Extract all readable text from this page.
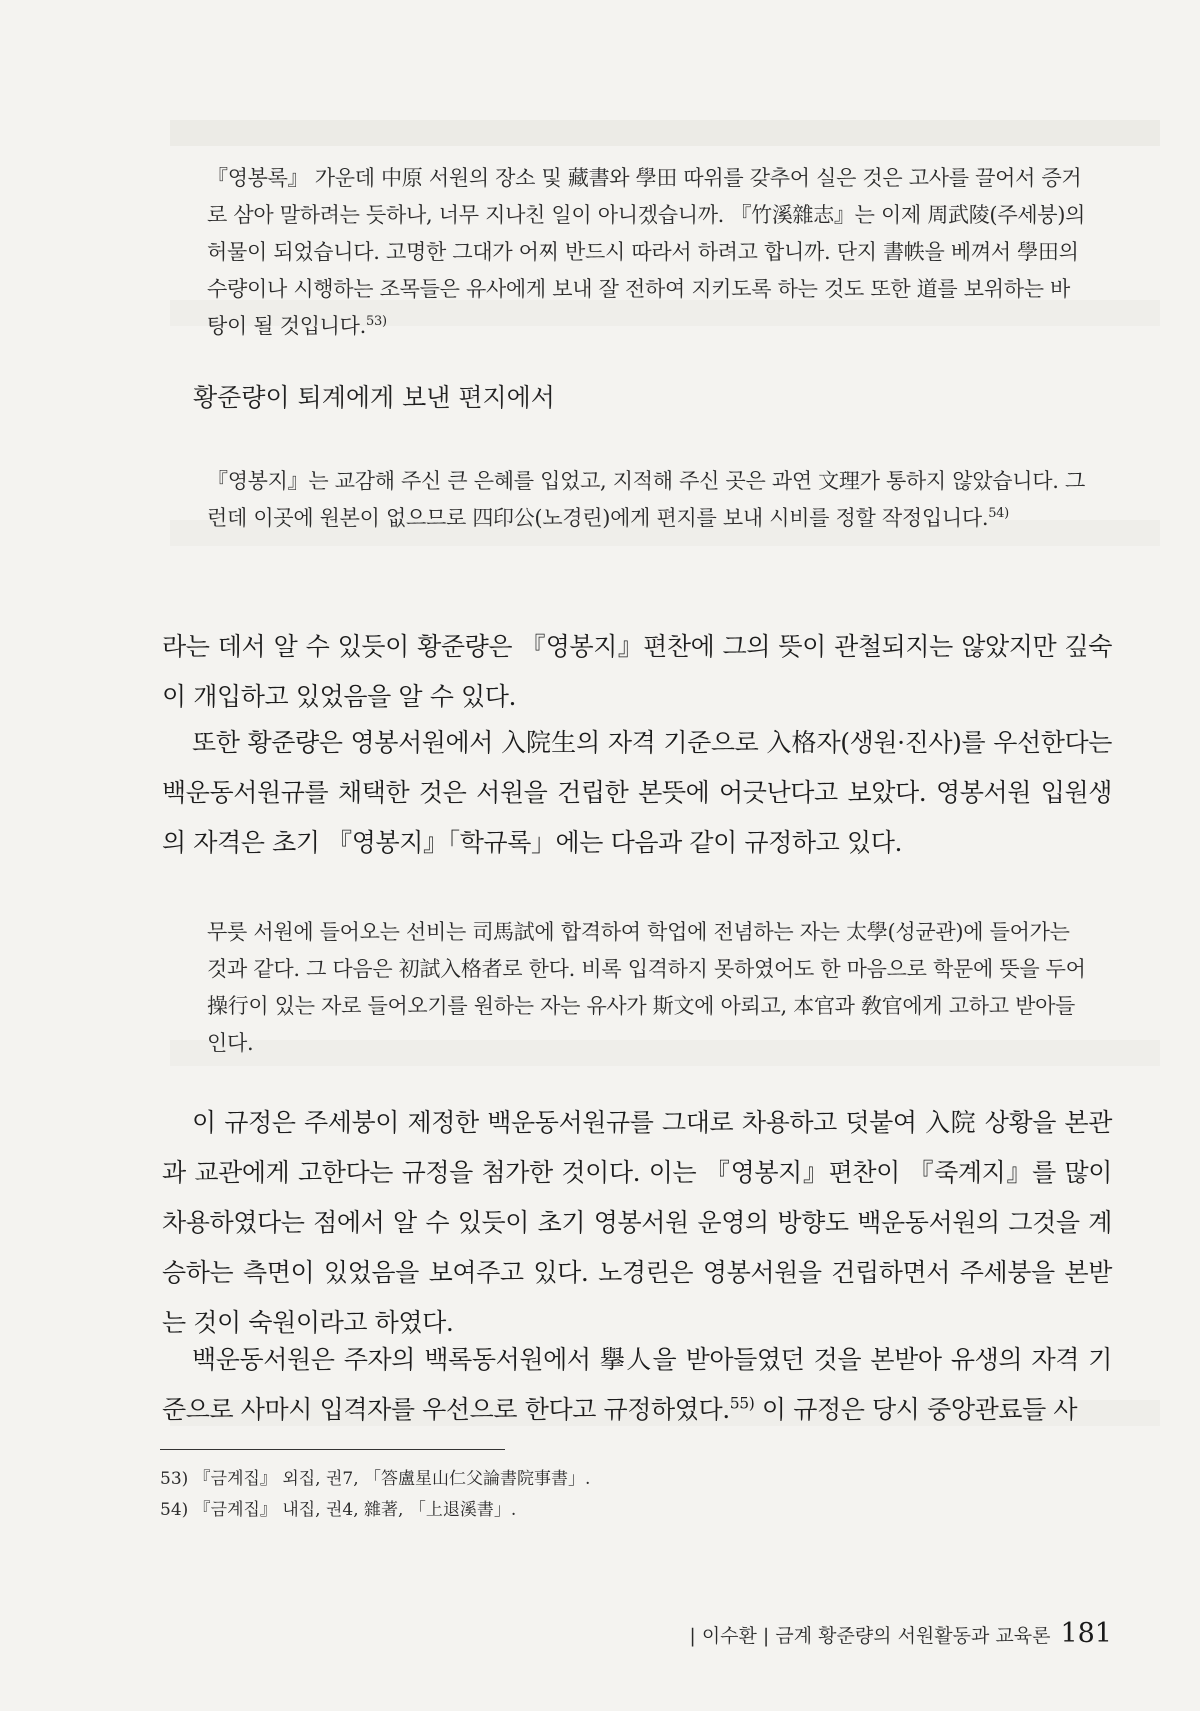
『영봉록』 가운데 中原 서원의 장소 및 藏書와 學田 따위를 갖추어 실은 것은 고사를 끌어서 증거로 삼아 말하려는 듯하나, 너무 지나친 일이 아니겠습니까. 『竹溪雜志』는 이제 周武陵(주세붕)의 허물이 되었습니다. 고명한 그대가 어찌 반드시 따라서 하려고 합니까. 단지 書帙을 베껴서 學田의 수량이나 시행하는 조목들은 유사에게 보내 잘 전하여 지키도록 하는 것도 또한 道를 보위하는 바탕이 될 것입니다.$^{53)}$
황준량이 퇴계에게 보낸 편지에서
『영봉지』는 교감해 주신 큰 은혜를 입었고, 지적해 주신 곳은 과연 文理가 통하지 않았습니다. 그런데 이곳에 원본이 없으므로 四印公(노경린)에게 편지를 보내 시비를 정할 작정입니다.$^{54)}$
라는 데서 알 수 있듯이 황준량은 『영봉지』편찬에 그의 뜻이 관철되지는 않았지만 깊숙이 개입하고 있었음을 알 수 있다.
또한 황준량은 영봉서원에서 入院生의 자격 기준으로 入格자(생원·진사)를 우선한다는 백운동서원규를 채택한 것은 서원을 건립한 본뜻에 어긋난다고 보았다. 영봉서원 입원생의 자격은 초기 『영봉지』「학규록」에는 다음과 같이 규정하고 있다.
무릇 서원에 들어오는 선비는 司馬試에 합격하여 학업에 전념하는 자는 太學(성균관)에 들어가는 것과 같다. 그 다음은 初試入格者로 한다. 비록 입격하지 못하였어도 한 마음으로 학문에 뜻을 두어 操行이 있는 자로 들어오기를 원하는 자는 유사가 斯文에 아뢰고, 本官과 敎官에게 고하고 받아들인다.
이 규정은 주세붕이 제정한 백운동서원규를 그대로 차용하고 덧붙여 入院 상황을 본관과 교관에게 고한다는 규정을 첨가한 것이다. 이는 『영봉지』편찬이 『죽계지』를 많이 차용하였다는 점에서 알 수 있듯이 초기 영봉서원 운영의 방향도 백운동서원의 그것을 계승하는 측면이 있었음을 보여주고 있다. 노경린은 영봉서원을 건립하면서 주세붕을 본받는 것이 숙원이라고 하였다.
백운동서원은 주자의 백록동서원에서 擧人을 받아들였던 것을 본받아 유생의 자격 기준으로 사마시 입격자를 우선으로 한다고 규정하였다.$^{55)}$ 이 규정은 당시 중앙관료들 사
53) 『금계집』 외집, 권7, 「答盧星山仁父論書院事書」.
54) 『금계집』 내집, 권4, 雜著, 「上退溪書」.
| 이수환 | 금계 황준량의 서원활동과 교육론 181
